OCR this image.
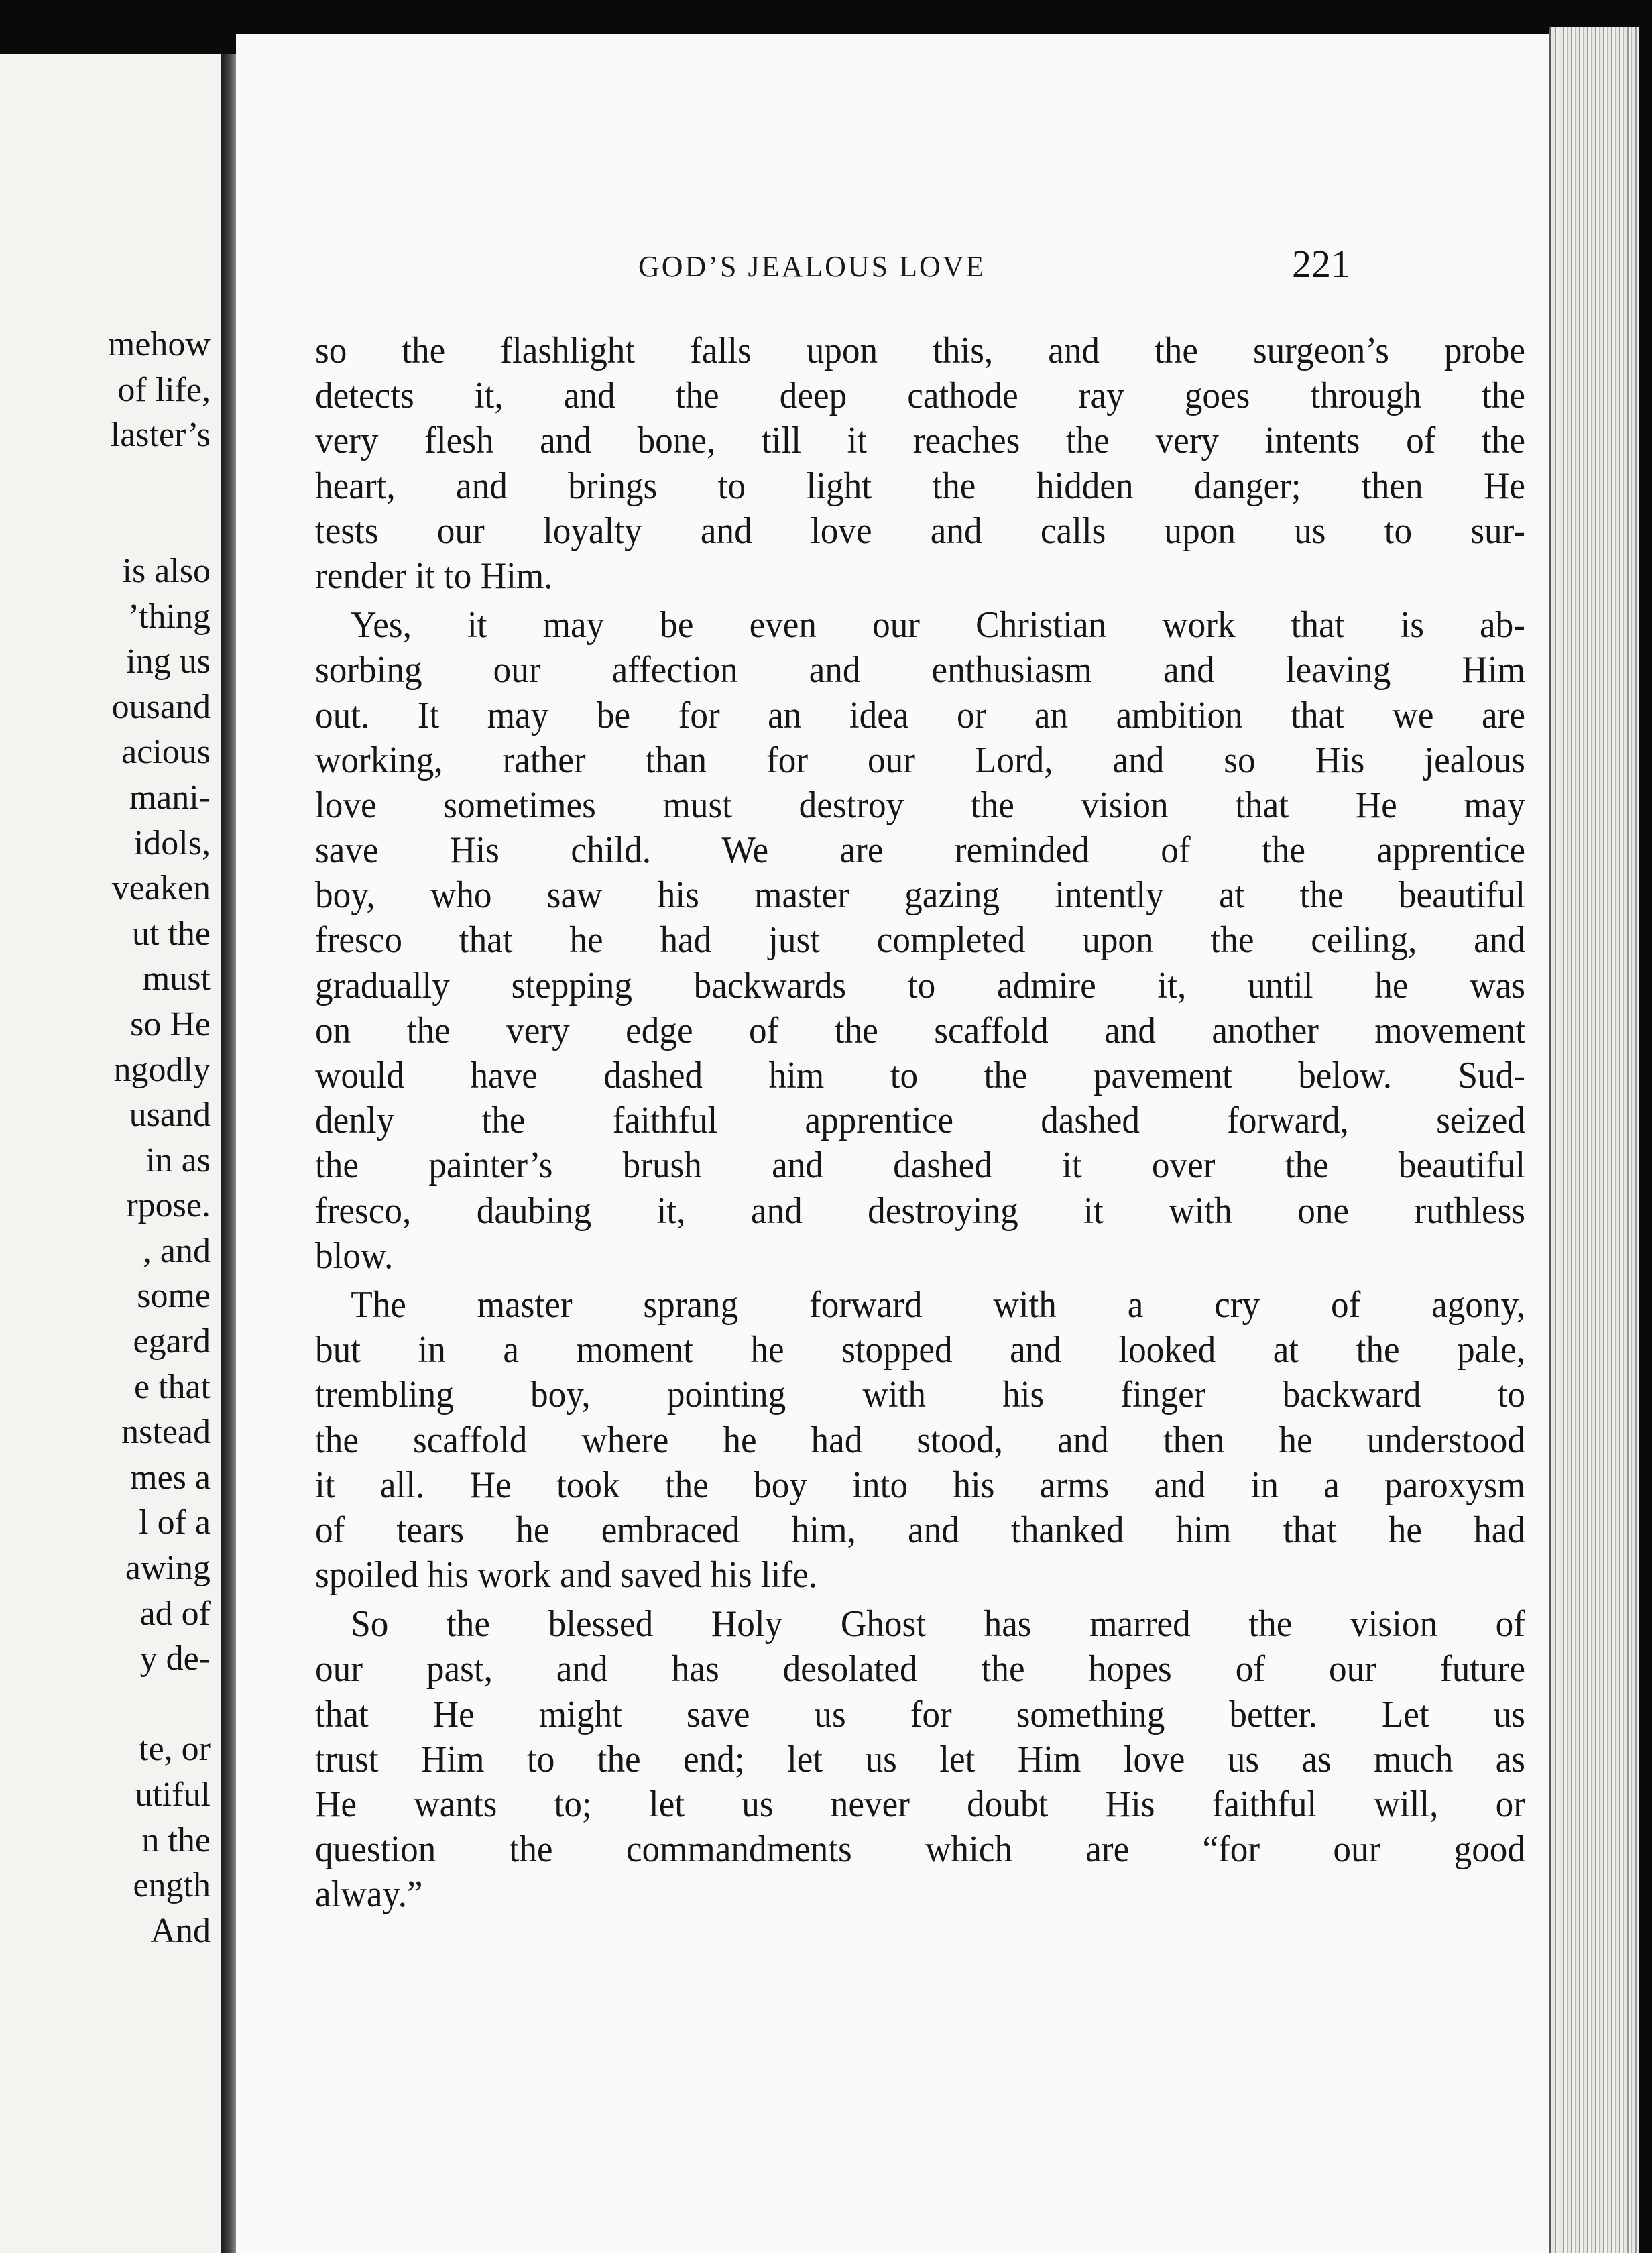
mehow
of life,
laster’s
is also
’thing
ing us
ousand
acious
mani-
idols,
veaken
ut the
must
so He
ngodly
usand
in as
rpose.
, and
some
egard
e that
nstead
mes a
l of a
awing
ad of
y de-
te, or
utiful
n the
ength
And
GOD’S JEALOUS LOVE	221
so the flashlight falls upon this, and the surgeon’s probe
detects it, and the deep cathode ray goes through the
very flesh and bone, till it reaches the very intents of the
heart, and brings to light the hidden danger; then He
tests our loyalty and love and calls upon us to sur-
render it to Him.
Yes, it may be even our Christian work that is ab-
sorbing our affection and enthusiasm and leaving Him
out. It may be for an idea or an ambition that we are
working, rather than for our Lord, and so His jealous
love sometimes must destroy the vision that He may
save His child. We are reminded of the apprentice
boy, who saw his master gazing intently at the beautiful
fresco that he had just completed upon the ceiling, and
gradually stepping backwards to admire it, until he was
on the very edge of the scaffold and another movement
would have dashed him to the pavement below. Sud-
denly the faithful apprentice dashed forward, seized
the painter’s brush and dashed it over the beautiful
fresco, daubing it, and destroying it with one ruthless
blow.
The master sprang forward with a cry of agony,
but in a moment he stopped and looked at the pale,
trembling boy, pointing with his finger backward to
the scaffold where he had stood, and then he understood
it all. He took the boy into his arms and in a paroxysm
of tears he embraced him, and thanked him that he had
spoiled his work and saved his life.
So the blessed Holy Ghost has marred the vision of
our past, and has desolated the hopes of our future
that He might save us for something better. Let us
trust Him to the end; let us let Him love us as much as
He wants to; let us never doubt His faithful will, or
question the commandments which are “for our good
alway.”
